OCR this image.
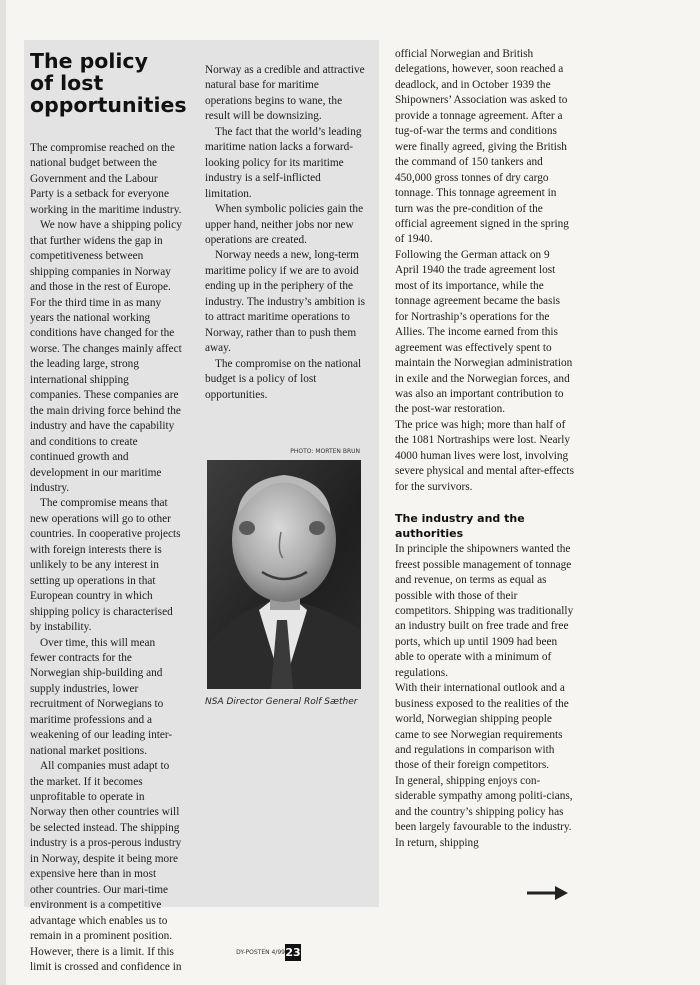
The policy
of lost
opportunities

The compromise reached on the national budget between the Government and the Labour Party is a setback for everyone working in the maritime industry.

We now have a shipping policy that further widens the gap in competitiveness between shipping companies in Norway and those in the rest of Europe. For the third time in as many years the national working conditions have changed for the worse. The changes mainly affect the leading large, strong international shipping companies. These companies are the main driving force behind the industry and have the capability and conditions to create continued growth and development in our maritime industry.

The compromise means that new operations will go to other countries. In cooperative projects with foreign interests there is unlikely to be any interest in setting up operations in that European country in which shipping policy is characterised by instability.

Over time, this will mean fewer contracts for the Norwegian ship-building and supply industries, lower recruitment of Norwegians to maritime professions and a weakening of our leading inter-national market positions.

All companies must adapt to the market. If it becomes unprofitable to operate in Norway then other countries will be selected instead. The shipping industry is a pros-perous industry in Norway, despite it being more expensive here than in most other countries. Our mari-time environment is a competitive advantage which enables us to remain in a prominent position. However, there is a limit. If this limit is crossed and confidence in

Norway as a credible and attractive natural base for maritime operations begins to wane, the result will be downsizing.

The fact that the world’s leading maritime nation lacks a forward-looking policy for its maritime industry is a self-inflicted limitation.

When symbolic policies gain the upper hand, neither jobs nor new operations are created.

Norway needs a new, long-term maritime policy if we are to avoid ending up in the periphery of the industry. The industry’s ambition is to attract maritime operations to Norway, rather than to push them away.

The compromise on the national budget is a policy of lost opportunities.

PHOTO: MORTEN BRUN
NSA Director General Rolf Sæther

official Norwegian and British delegations, however, soon reached a deadlock, and in October 1939 the Shipowners’ Association was asked to provide a tonnage agreement. After a tug-of-war the terms and conditions were finally agreed, giving the British the command of 150 tankers and 450,000 gross tonnes of dry cargo tonnage. This tonnage agreement in turn was the pre-condition of the official agreement signed in the spring of 1940.

Following the German attack on 9 April 1940 the trade agreement lost most of its importance, while the tonnage agreement became the basis for Nortraship’s operations for the Allies. The income earned from this agreement was effectively spent to maintain the Norwegian administration in exile and the Norwegian forces, and was also an important contribution to the post-war restoration.

The price was high; more than half of the 1081 Nortraships were lost. Nearly 4000 human lives were lost, involving severe physical and mental after-effects for the survivors.

The industry and the authorities

In principle the shipowners wanted the freest possible management of tonnage and revenue, on terms as equal as possible with those of their competitors. Shipping was traditionally an industry built on free trade and free ports, which up until 1909 had been able to operate with a minimum of regulations.

With their international outlook and a business exposed to the realities of the world, Norwegian shipping people came to see Norwegian requirements and regulations in comparison with those of their foreign competitors.

In general, shipping enjoys con-siderable sympathy among politi-cians, and the country’s shipping policy has been largely favourable to the industry. In return, shipping

DY-POSTEN 4/99 23
